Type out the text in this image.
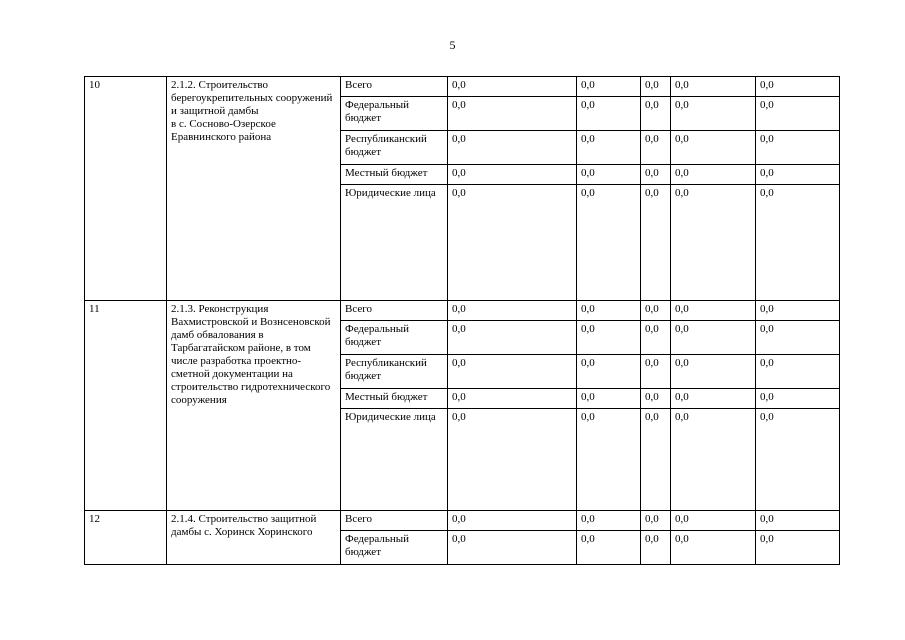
5
10	2.1.2. Строительство берегоукрепительных сооружений и защитной дамбы
в с. Сосново-Озерское Еравнинского района	Всего	0,0	0,0	0,0	0,0	0,0
		Федеральный бюджет	0,0	0,0	0,0	0,0	0,0
		Республиканский бюджет	0,0	0,0	0,0	0,0	0,0
		Местный бюджет	0,0	0,0	0,0	0,0	0,0
		Юридические лица	0,0	0,0	0,0	0,0	0,0
11	2.1.3. Реконструкция Вахмистровской и Вознсеновской дамб обвалования в Тарбагатайском районе, в том числе разработка проектно-сметной документации на строительство гидротехнического сооружения	Всего	0,0	0,0	0,0	0,0	0,0
		Федеральный бюджет	0,0	0,0	0,0	0,0	0,0
		Республиканский бюджет	0,0	0,0	0,0	0,0	0,0
		Местный бюджет	0,0	0,0	0,0	0,0	0,0
		Юридические лица	0,0	0,0	0,0	0,0	0,0
12	2.1.4. Строительство защитной дамбы с. Хоринск Хоринского	Всего	0,0	0,0	0,0	0,0	0,0
		Федеральный бюджет	0,0	0,0	0,0	0,0	0,0
